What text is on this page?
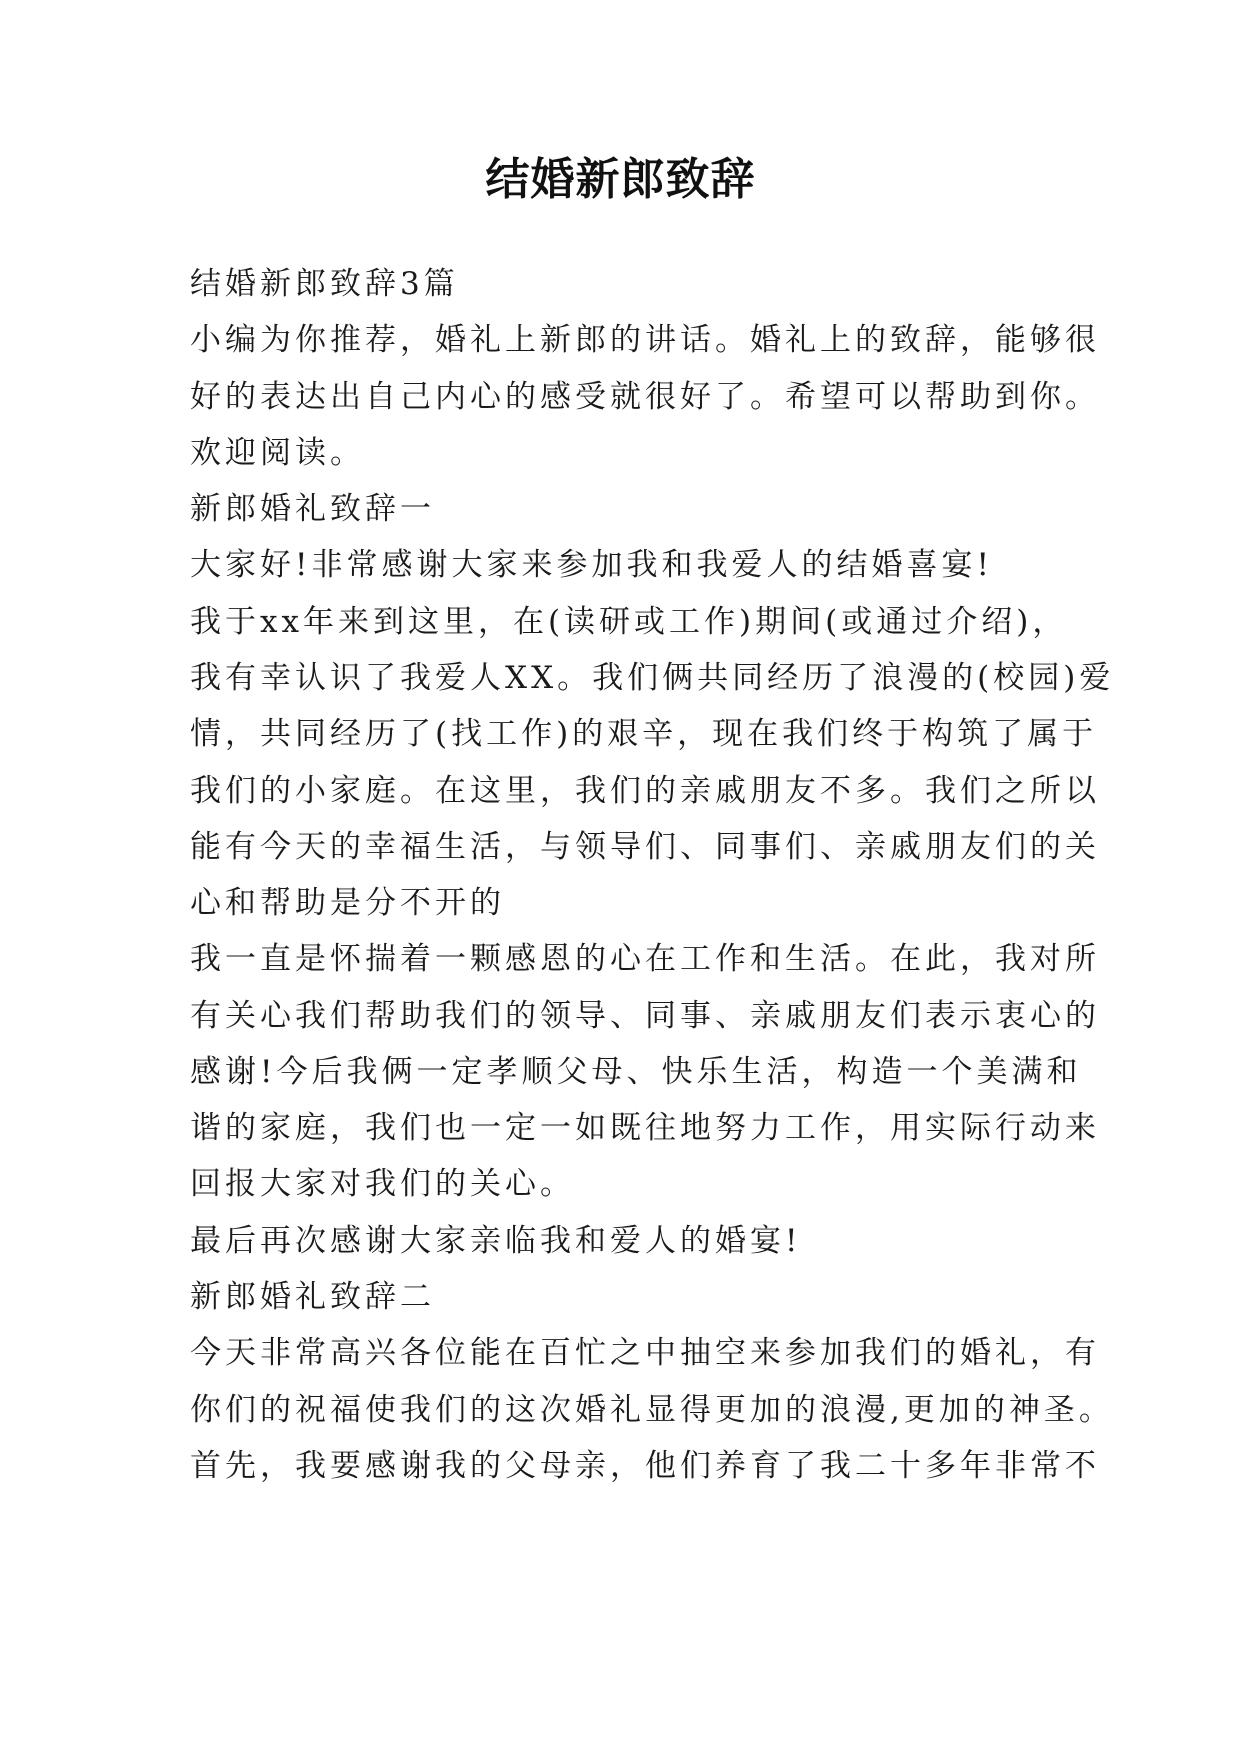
结婚新郎致辞
结婚新郎致辞3篇
小编为你推荐，婚礼上新郎的讲话。婚礼上的致辞，能够很
好的表达出自己内心的感受就很好了。希望可以帮助到你。
欢迎阅读。
新郎婚礼致辞一
大家好!非常感谢大家来参加我和我爱人的结婚喜宴!
我于xx年来到这里，在(读研或工作)期间(或通过介绍)，
我有幸认识了我爱人XX。我们俩共同经历了浪漫的(校园)爱
情，共同经历了(找工作)的艰辛，现在我们终于构筑了属于
我们的小家庭。在这里，我们的亲戚朋友不多。我们之所以
能有今天的幸福生活，与领导们、同事们、亲戚朋友们的关
心和帮助是分不开的
我一直是怀揣着一颗感恩的心在工作和生活。在此，我对所
有关心我们帮助我们的领导、同事、亲戚朋友们表示衷心的
感谢!今后我俩一定孝顺父母、快乐生活，构造一个美满和
谐的家庭，我们也一定一如既往地努力工作，用实际行动来
回报大家对我们的关心。
最后再次感谢大家亲临我和爱人的婚宴!
新郎婚礼致辞二
今天非常高兴各位能在百忙之中抽空来参加我们的婚礼，有
你们的祝福使我们的这次婚礼显得更加的浪漫,更加的神圣。
首先，我要感谢我的父母亲，他们养育了我二十多年非常不
